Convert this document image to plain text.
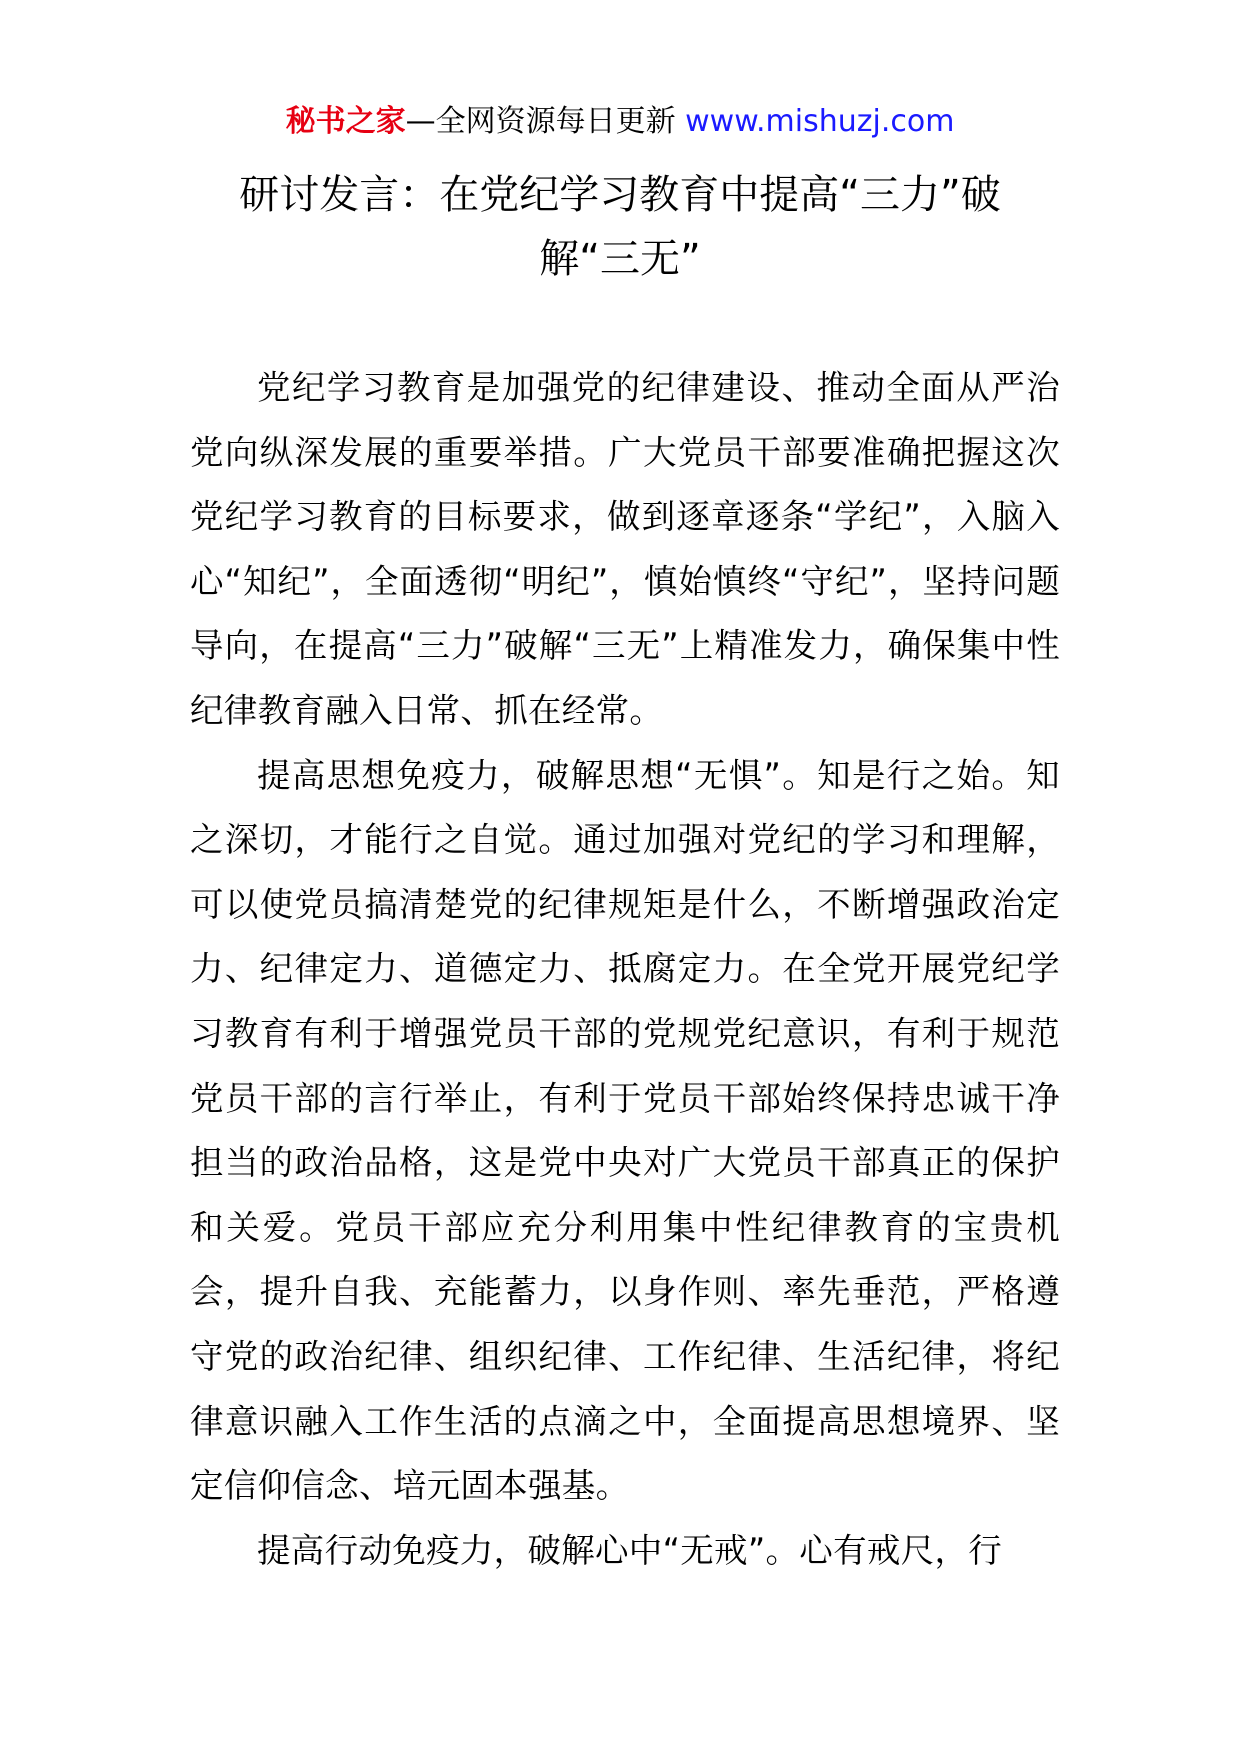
秘书之家—全网资源每日更新 www.mishuzj.com
研讨发言：在党纪学习教育中提高“三力”破解“三无”

党纪学习教育是加强党的纪律建设、推动全面从严治党向纵深发展的重要举措。广大党员干部要准确把握这次党纪学习教育的目标要求，做到逐章逐条“学纪”，入脑入心“知纪”，全面透彻“明纪”，慎始慎终“守纪”，坚持问题导向，在提高“三力”破解“三无”上精准发力，确保集中性纪律教育融入日常、抓在经常。

提高思想免疫力，破解思想“无惧”。知是行之始。知之深切，才能行之自觉。通过加强对党纪的学习和理解，可以使党员搞清楚党的纪律规矩是什么，不断增强政治定力、纪律定力、道德定力、抵腐定力。在全党开展党纪学习教育有利于增强党员干部的党规党纪意识，有利于规范党员干部的言行举止，有利于党员干部始终保持忠诚干净担当的政治品格，这是党中央对广大党员干部真正的保护和关爱。党员干部应充分利用集中性纪律教育的宝贵机会，提升自我、充能蓄力，以身作则、率先垂范，严格遵守党的政治纪律、组织纪律、工作纪律、生活纪律，将纪律意识融入工作生活的点滴之中，全面提高思想境界、坚定信仰信念、培元固本强基。

提高行动免疫力，破解心中“无戒”。心有戒尺，行
